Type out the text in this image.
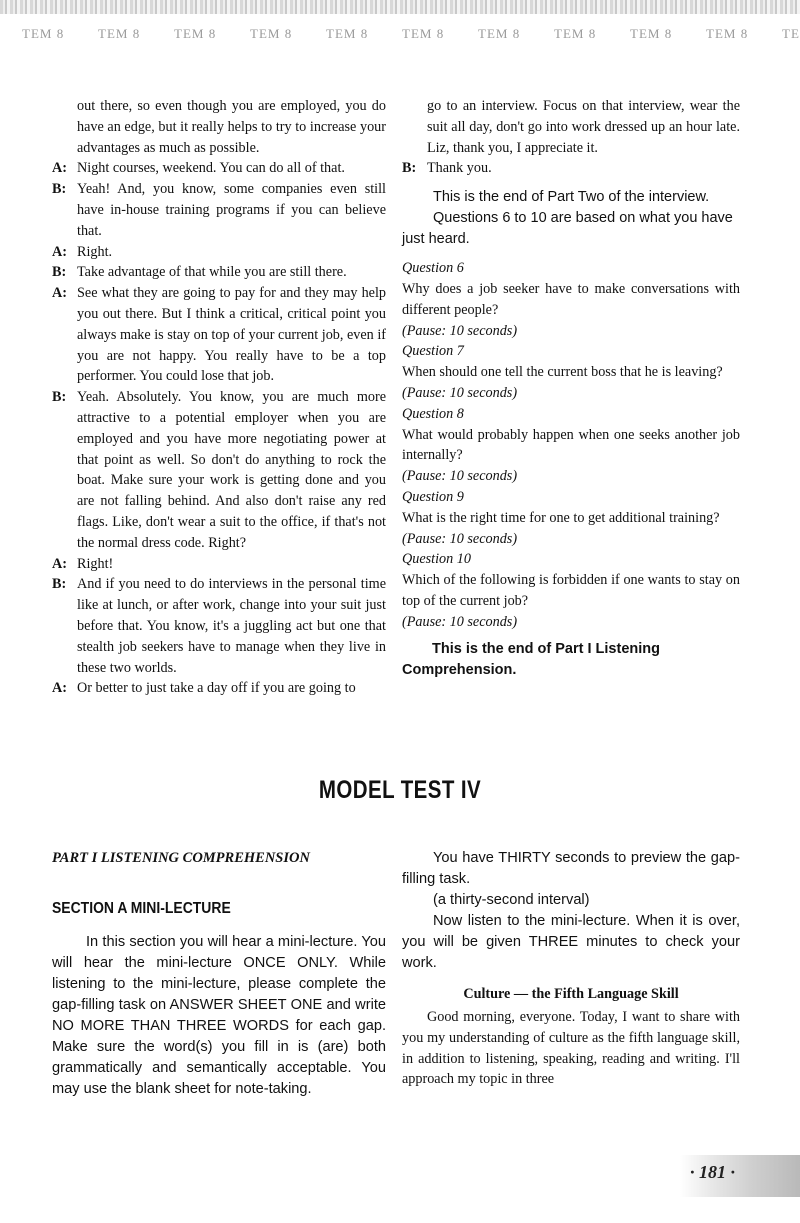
TEM 8	TEM 8	TEM 8	TEM 8	TEM 8	TEM 8	TEM 8	TEM 8	TEM 8	TEM 8	TE
out there, so even though you are employed, you do have an edge, but it really helps to try to increase your advantages as much as possible.
A: Night courses, weekend. You can do all of that.
B: Yeah! And, you know, some companies even still have in-house training programs if you can believe that.
A: Right.
B: Take advantage of that while you are still there.
A: See what they are going to pay for and they may help you out there. But I think a critical, critical point you always make is stay on top of your current job, even if you are not happy. You really have to be a top performer. You could lose that job.
B: Yeah. Absolutely. You know, you are much more attractive to a potential employer when you are employed and you have more negotiating power at that point as well. So don't do anything to rock the boat. Make sure your work is getting done and you are not falling behind. And also don't raise any red flags. Like, don't wear a suit to the office, if that's not the normal dress code. Right?
A: Right!
B: And if you need to do interviews in the personal time like at lunch, or after work, change into your suit just before that. You know, it's a juggling act but one that stealth job seekers have to manage when they live in these two worlds.
A: Or better to just take a day off if you are going to
go to an interview. Focus on that interview, wear the suit all day, don't go into work dressed up an hour late. Liz, thank you, I appreciate it.
B: Thank you.

This is the end of Part Two of the interview.

Questions 6 to 10 are based on what you have just heard.

Question 6

Why does a job seeker have to make conversations with different people?

(Pause: 10 seconds)

Question 7

When should one tell the current boss that he is leaving?

(Pause: 10 seconds)

Question 8

What would probably happen when one seeks another job internally?

(Pause: 10 seconds)

Question 9

What is the right time for one to get additional training?

(Pause: 10 seconds)

Question 10

Which of the following is forbidden if one wants to stay on top of the current job?

(Pause: 10 seconds)

This is the end of Part I Listening Comprehension.

MODEL TEST IV
PART I LISTENING COMPREHENSION
SECTION A MINI-LECTURE

In this section you will hear a mini-lecture. You will hear the mini-lecture ONCE ONLY. While listening to the mini-lecture, please complete the gap-filling task on ANSWER SHEET ONE and write NO MORE THAN THREE WORDS for each gap. Make sure the word(s) you fill in is (are) both grammatically and semantically acceptable. You may use the blank sheet for note-taking.

You have THIRTY seconds to preview the gap-filling task.

(a thirty-second interval)

Now listen to the mini-lecture. When it is over, you will be given THREE minutes to check your work.

Culture — the Fifth Language Skill

Good morning, everyone. Today, I want to share with you my understanding of culture as the fifth language skill, in addition to listening, speaking, reading and writing. I'll approach my topic in three

· 181 ·
